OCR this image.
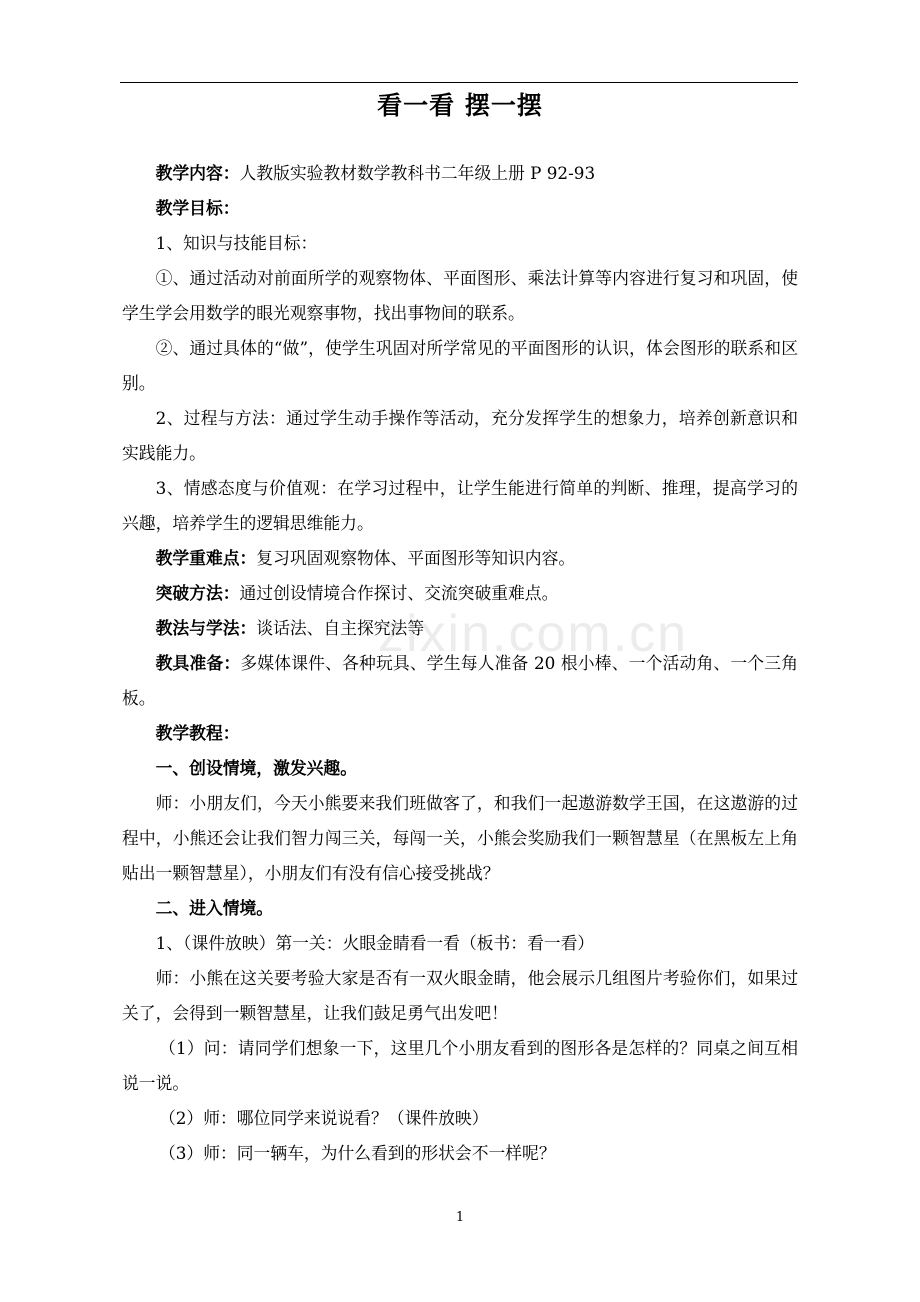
看一看 摆一摆

教学内容：人教版实验教材数学教科书二年级上册 P 92-93

教学目标：

1、知识与技能目标：

①、通过活动对前面所学的观察物体、平面图形、乘法计算等内容进行复习和巩固，使学生学会用数学的眼光观察事物，找出事物间的联系。

②、通过具体的“做”，使学生巩固对所学常见的平面图形的认识，体会图形的联系和区别。

2、过程与方法：通过学生动手操作等活动，充分发挥学生的想象力，培养创新意识和实践能力。

3、情感态度与价值观：在学习过程中，让学生能进行简单的判断、推理，提高学习的兴趣，培养学生的逻辑思维能力。

教学重难点：复习巩固观察物体、平面图形等知识内容。

突破方法：通过创设情境合作探讨、交流突破重难点。

教法与学法：谈话法、自主探究法等

教具准备：多媒体课件、各种玩具、学生每人准备 20 根小棒、一个活动角、一个三角板。

教学教程：

一、创设情境，激发兴趣。

师：小朋友们，今天小熊要来我们班做客了，和我们一起遨游数学王国，在这遨游的过程中，小熊还会让我们智力闯三关，每闯一关，小熊会奖励我们一颗智慧星（在黑板左上角贴出一颗智慧星），小朋友们有没有信心接受挑战？

二、进入情境。

1、（课件放映）第一关：火眼金睛看一看（板书：看一看）

师：小熊在这关要考验大家是否有一双火眼金睛，他会展示几组图片考验你们，如果过关了，会得到一颗智慧星，让我们鼓足勇气出发吧！

（1）问：请同学们想象一下，这里几个小朋友看到的图形各是怎样的？同桌之间互相说一说。

（2）师：哪位同学来说说看？（课件放映）

（3）师：同一辆车，为什么看到的形状会不一样呢？

zixin.com.cn
1
